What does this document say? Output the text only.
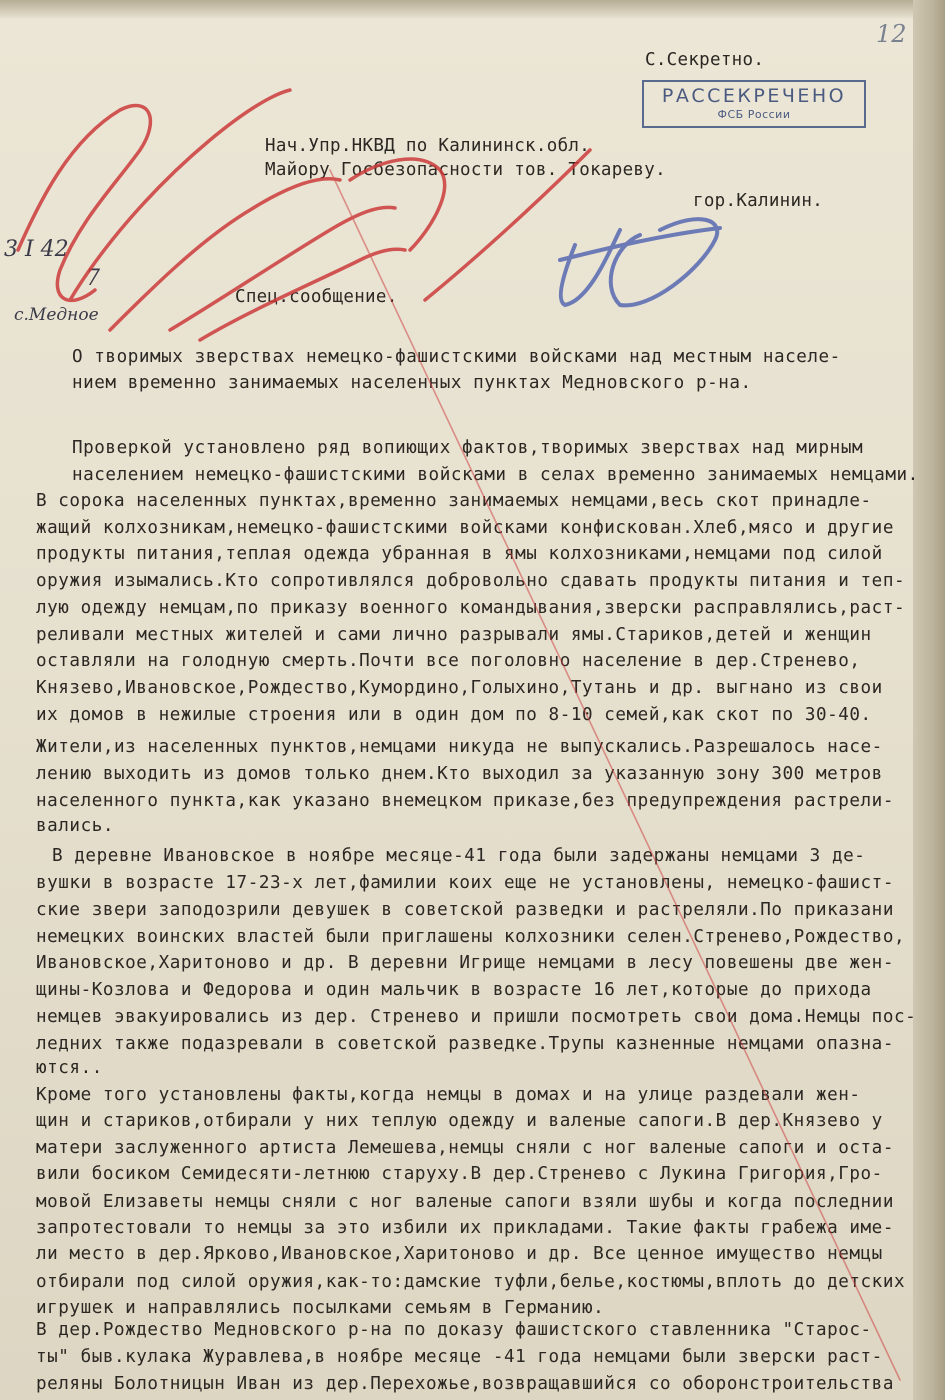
С.Секретно.
РАССЕКРЕЧЕНО
ФСБ России
12
Нач.Упр.НКВД по Калининск.обл.
Майору Госбезопасности тов. Токареву.
гор.Калинин.
Спец.сообщение.
3 I 42
7
с.Медное
О творимых зверствах немецко-фашистскими войсками над местным населе-
нием временно занимаемых населенных пунктах Медновского р-на.
Проверкой установлено ряд вопиющих фактов,творимых зверствах над мирным
населением немецко-фашистскими войсками в селах временно занимаемых немцами.
В сорока населенных пунктах,временно занимаемых немцами,весь скот принадле-
жащий колхозникам,немецко-фашистскими войсками конфискован.Хлеб,мясо и другие
продукты питания,теплая одежда убранная в ямы колхозниками,немцами под силой
оружия изымались.Кто сопротивлялся добровольно сдавать продукты питания и теп-
лую одежду немцам,по приказу военного командывания,зверски расправлялись,раст-
реливали местных жителей и сами лично разрывали ямы.Стариков,детей и женщин
оставляли на голодную смерть.Почти все поголовно население в дер.Стренево,
Князево,Ивановское,Рождество,Кумордино,Голыхино,Тутань и др. выгнано из свои
их домов в нежилые строения или в один дом по 8-10 семей,как скот по 30-40.
Жители,из населенных пунктов,немцами никуда не выпускались.Разрешалось насе-
лению выходить из домов только днем.Кто выходил за указанную зону 300 метров
населенного пункта,как указано внемецком приказе,без предупреждения растрели-
вались.
В деревне Ивановское в ноябре месяце-41 года были задержаны немцами 3 де-
вушки в возрасте 17-23-х лет,фамилии коих еще не установлены, немецко-фашист-
ские звери заподозрили девушек в советской разведки и растреляли.По приказани
немецких воинских властей были приглашены колхозники селен.Стренево,Рождество,
Ивановское,Харитоново и др. В деревни Игрище немцами в лесу повешены две жен-
щины-Козлова и Федорова и один мальчик в возрасте 16 лет,которые до прихода
немцев эвакуировались из дер. Стренево и пришли посмотреть свои дома.Немцы пос-
ледних также подазревали в советской разведке.Трупы казненные немцами опазна-
ются..
Кроме того установлены факты,когда немцы в домах и на улице раздевали жен-
щин и стариков,отбирали у них теплую одежду и валеные сапоги.В дер.Князево у
матери заслуженного артиста Лемешева,немцы сняли с ног валеные сапоги и оста-
вили босиком Семидесяти-летнюю старуху.В дер.Стренево с Лукина Григория,Гро-
мовой Елизаветы немцы сняли с ног валеные сапоги взяли шубы и когда последнии
запротестовали то немцы за это избили их прикладами. Такие факты грабежа име-
ли место в дер.Ярково,Ивановское,Харитоново и др. Все ценное имущество немцы
отбирали под силой оружия,как-то:дамские туфли,белье,костюмы,вплоть до детских
игрушек и направлялись посылками семьям в Германию.
В дер.Рождество Медновского р-на по доказу фашистского ставленника "Старос-
ты" быв.кулака Журавлева,в ноябре месяце -41 года немцами были зверски раст-
реляны Болотницын Иван из дер.Перехожье,возвращавшийся со оборонстроительства
